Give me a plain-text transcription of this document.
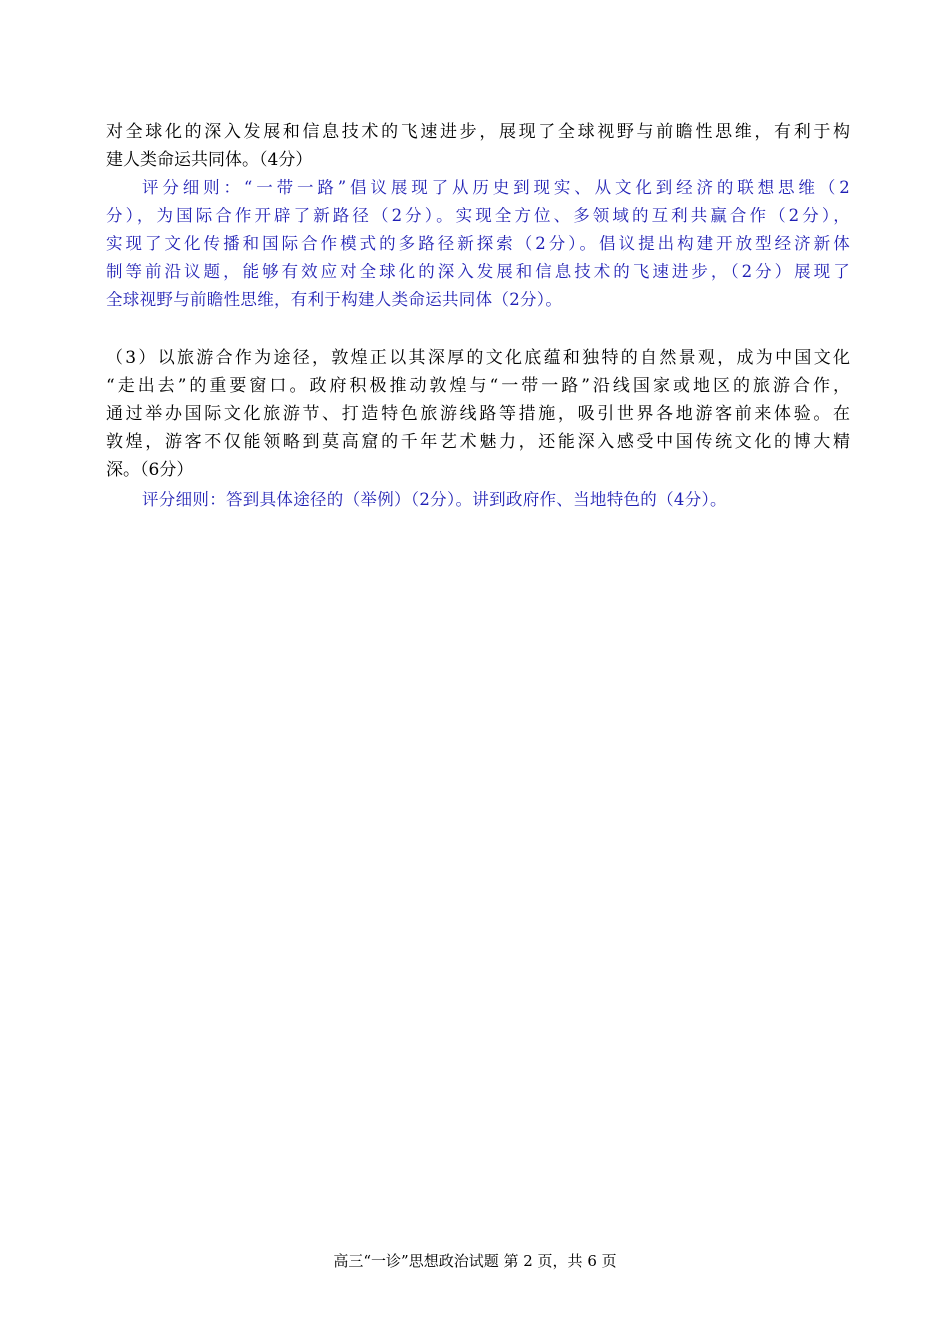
对全球化的深入发展和信息技术的飞速进步，展现了全球视野与前瞻性思维，有利于构
建人类命运共同体。（4分）
评分细则：“一带一路”倡议展现了从历史到现实、从文化到经济的联想思维（2
分），为国际合作开辟了新路径（2分）。实现全方位、多领域的互利共赢合作（2分），
实现了文化传播和国际合作模式的多路径新探索（2分）。倡议提出构建开放型经济新体
制等前沿议题，能够有效应对全球化的深入发展和信息技术的飞速进步，（2分）展现了
全球视野与前瞻性思维，有利于构建人类命运共同体（2分）。
（3）以旅游合作为途径，敦煌正以其深厚的文化底蕴和独特的自然景观，成为中国文化
“走出去”的重要窗口。政府积极推动敦煌与“一带一路”沿线国家或地区的旅游合作，
通过举办国际文化旅游节、打造特色旅游线路等措施，吸引世界各地游客前来体验。在
敦煌，游客不仅能领略到莫高窟的千年艺术魅力，还能深入感受中国传统文化的博大精
深。（6分）
评分细则：答到具体途径的（举例）（2分）。讲到政府作、当地特色的（4分）。
高三“一诊”思想政治试题 第 2 页，共 6 页
